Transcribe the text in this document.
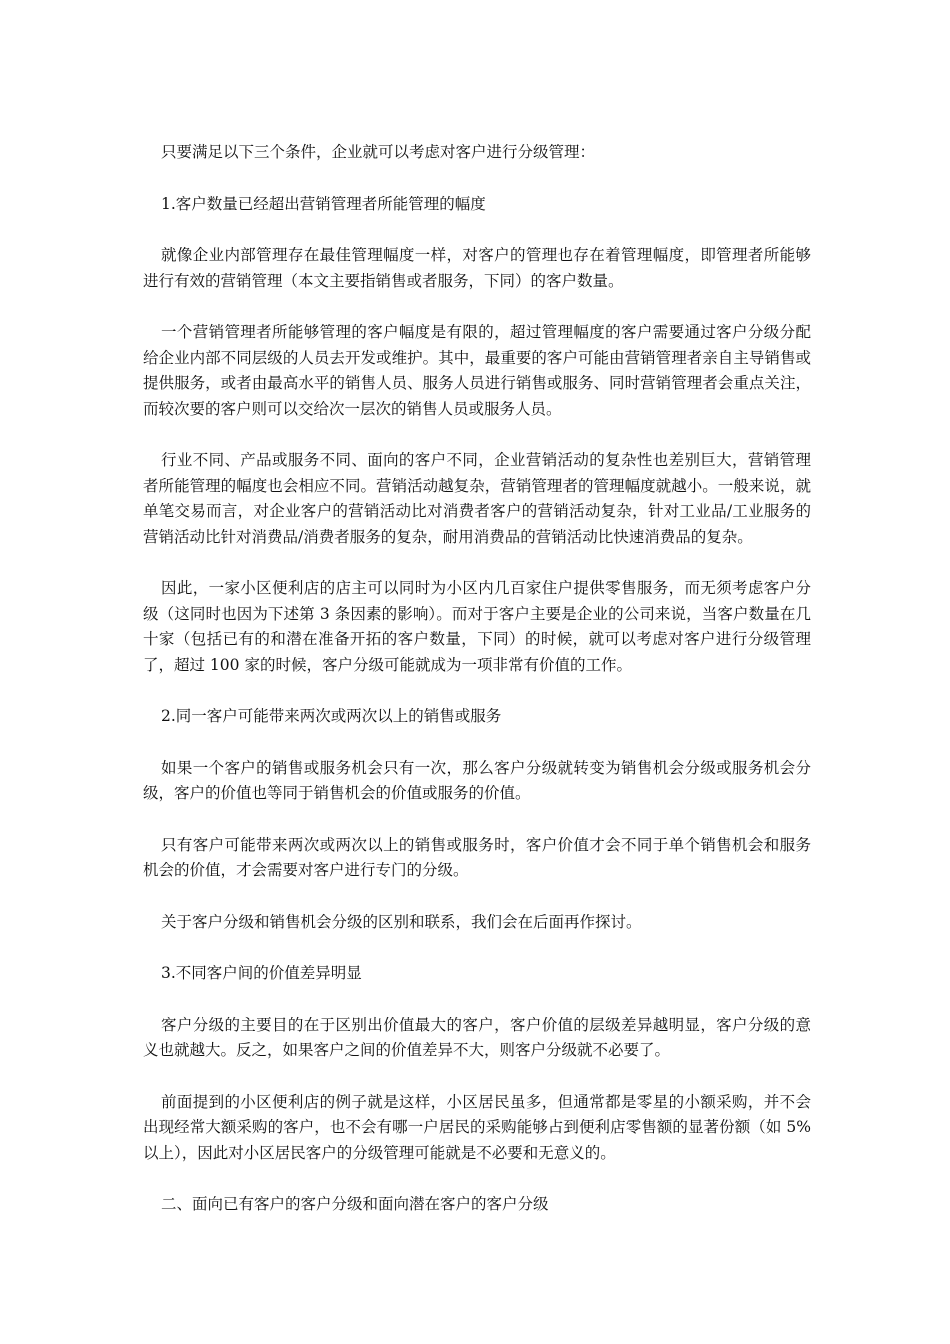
只要满足以下三个条件，企业就可以考虑对客户进行分级管理：

1.客户数量已经超出营销管理者所能管理的幅度

就像企业内部管理存在最佳管理幅度一样，对客户的管理也存在着管理幅度，即管理者所能够进行有效的营销管理（本文主要指销售或者服务，下同）的客户数量。

一个营销管理者所能够管理的客户幅度是有限的，超过管理幅度的客户需要通过客户分级分配给企业内部不同层级的人员去开发或维护。其中，最重要的客户可能由营销管理者亲自主导销售或提供服务，或者由最高水平的销售人员、服务人员进行销售或服务、同时营销管理者会重点关注，而较次要的客户则可以交给次一层次的销售人员或服务人员。

行业不同、产品或服务不同、面向的客户不同，企业营销活动的复杂性也差别巨大，营销管理者所能管理的幅度也会相应不同。营销活动越复杂，营销管理者的管理幅度就越小。一般来说，就单笔交易而言，对企业客户的营销活动比对消费者客户的营销活动复杂，针对工业品/工业服务的营销活动比针对消费品/消费者服务的复杂，耐用消费品的营销活动比快速消费品的复杂。

因此，一家小区便利店的店主可以同时为小区内几百家住户提供零售服务，而无须考虑客户分级（这同时也因为下述第 3 条因素的影响）。而对于客户主要是企业的公司来说，当客户数量在几十家（包括已有的和潜在准备开拓的客户数量，下同）的时候，就可以考虑对客户进行分级管理了，超过 100 家的时候，客户分级可能就成为一项非常有价值的工作。

2.同一客户可能带来两次或两次以上的销售或服务

如果一个客户的销售或服务机会只有一次，那么客户分级就转变为销售机会分级或服务机会分级，客户的价值也等同于销售机会的价值或服务的价值。

只有客户可能带来两次或两次以上的销售或服务时，客户价值才会不同于单个销售机会和服务机会的价值，才会需要对客户进行专门的分级。

关于客户分级和销售机会分级的区别和联系，我们会在后面再作探讨。

3.不同客户间的价值差异明显

客户分级的主要目的在于区别出价值最大的客户，客户价值的层级差异越明显，客户分级的意义也就越大。反之，如果客户之间的价值差异不大，则客户分级就不必要了。

前面提到的小区便利店的例子就是这样，小区居民虽多，但通常都是零星的小额采购，并不会出现经常大额采购的客户，也不会有哪一户居民的采购能够占到便利店零售额的显著份额（如 5%以上），因此对小区居民客户的分级管理可能就是不必要和无意义的。

二、面向已有客户的客户分级和面向潜在客户的客户分级
